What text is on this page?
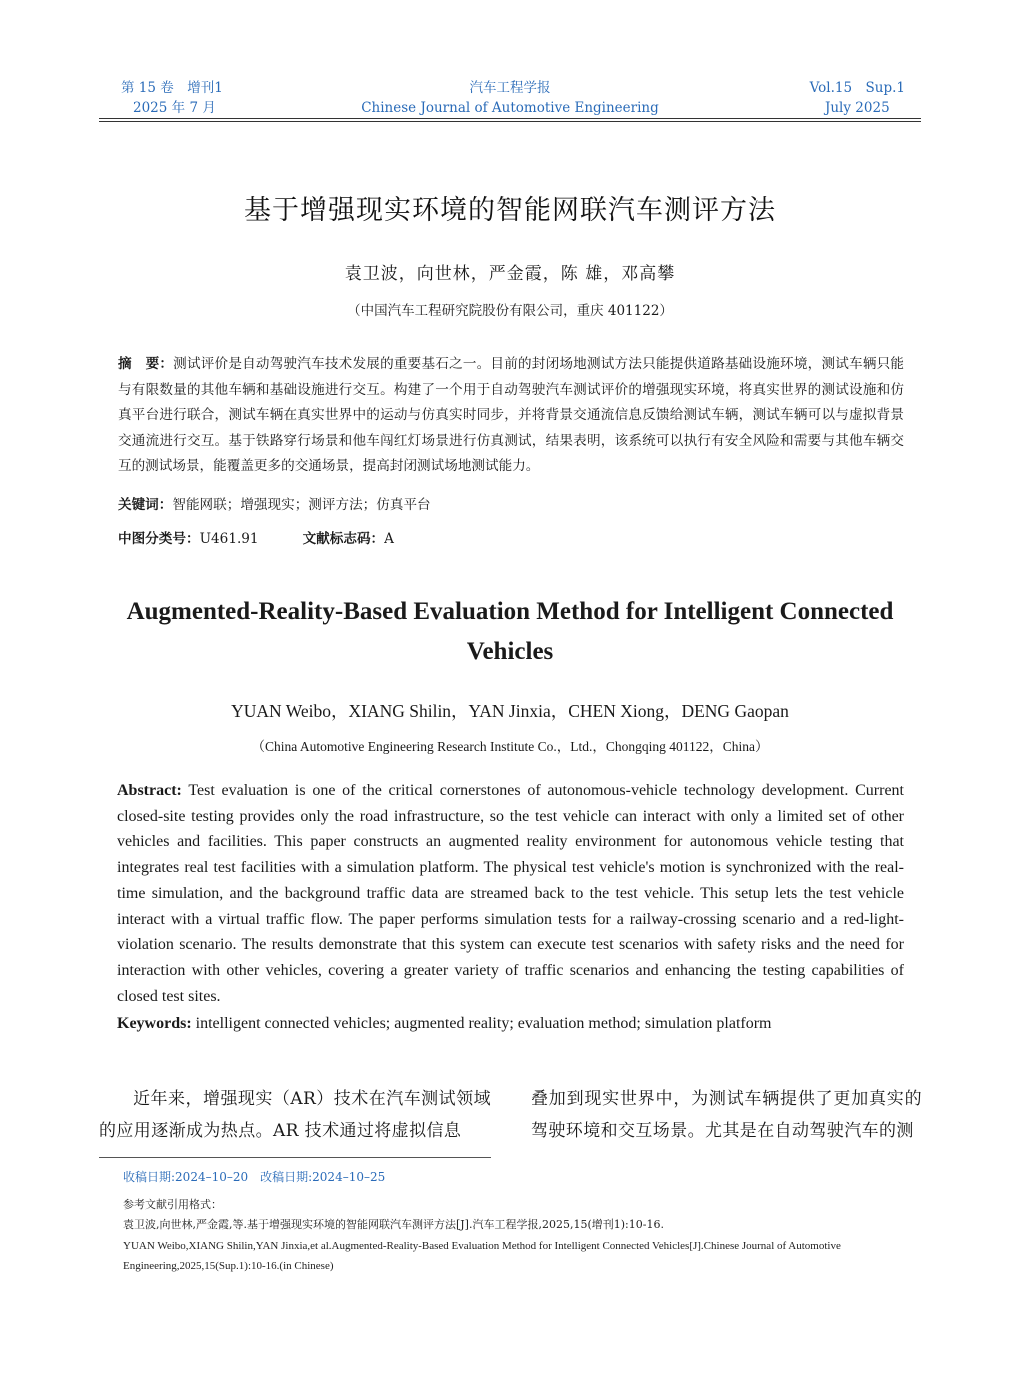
第 15 卷　增刊1
2025 年 7 月
汽车工程学报
Chinese Journal of Automotive Engineering
Vol.15　Sup.1
July 2025
基于增强现实环境的智能网联汽车测评方法
袁卫波，向世林，严金霞，陈 雄，邓高攀
（中国汽车工程研究院股份有限公司，重庆 401122）
摘　要：测试评价是自动驾驶汽车技术发展的重要基石之一。目前的封闭场地测试方法只能提供道路基础设施环境，测试车辆只能与有限数量的其他车辆和基础设施进行交互。构建了一个用于自动驾驶汽车测试评价的增强现实环境，将真实世界的测试设施和仿真平台进行联合，测试车辆在真实世界中的运动与仿真实时同步，并将背景交通流信息反馈给测试车辆，测试车辆可以与虚拟背景交通流进行交互。基于铁路穿行场景和他车闯红灯场景进行仿真测试，结果表明，该系统可以执行有安全风险和需要与其他车辆交互的测试场景，能覆盖更多的交通场景，提高封闭测试场地测试能力。
关键词：智能网联；增强现实；测评方法；仿真平台
中图分类号：U461.91	文献标志码：A
Augmented-Reality-Based Evaluation Method for Intelligent Connected Vehicles
YUAN Weibo，XIANG Shilin，YAN Jinxia，CHEN Xiong，DENG Gaopan
（China Automotive Engineering Research Institute Co.，Ltd.，Chongqing 401122，China）
Abstract: Test evaluation is one of the critical cornerstones of autonomous-vehicle technology development. Current closed-site testing provides only the road infrastructure, so the test vehicle can interact with only a limited set of other vehicles and facilities. This paper constructs an augmented reality environment for autonomous vehicle testing that integrates real test facilities with a simulation platform. The physical test vehicle's motion is synchronized with the real-time simulation, and the background traffic data are streamed back to the test vehicle. This setup lets the test vehicle interact with a virtual traffic flow. The paper performs simulation tests for a railway-crossing scenario and a red-light-violation scenario. The results demonstrate that this system can execute test scenarios with safety risks and the need for interaction with other vehicles, covering a greater variety of traffic scenarios and enhancing the testing capabilities of closed test sites.
Keywords: intelligent connected vehicles; augmented reality; evaluation method; simulation platform
近年来，增强现实（AR）技术在汽车测试领域的应用逐渐成为热点。AR 技术通过将虚拟信息
叠加到现实世界中，为测试车辆提供了更加真实的驾驶环境和交互场景。尤其是在自动驾驶汽车的测
收稿日期:2024–10–20　改稿日期:2024–10–25
参考文献引用格式：
袁卫波,向世林,严金霞,等.基于增强现实环境的智能网联汽车测评方法[J].汽车工程学报,2025,15(增刊1):10-16.
YUAN Weibo,XIANG Shilin,YAN Jinxia,et al.Augmented-Reality-Based Evaluation Method for Intelligent Connected Vehicles[J].Chinese Journal of Automotive Engineering,2025,15(Sup.1):10-16.(in Chinese)
